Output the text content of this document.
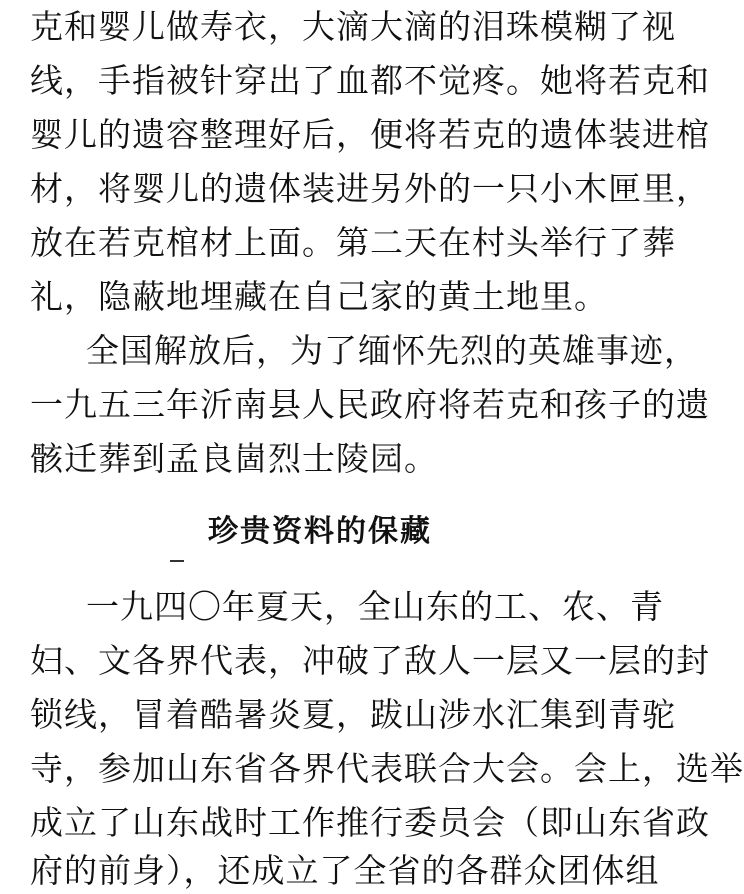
克和婴儿做寿衣，大滴大滴的泪珠模糊了视
线，手指被针穿出了血都不觉疼。她将若克和
婴儿的遗容整理好后，便将若克的遗体装进棺
材，将婴儿的遗体装进另外的一只小木匣里，
放在若克棺材上面。第二天在村头举行了葬
礼，隐蔽地埋藏在自己家的黄土地里。
全国解放后，为了缅怀先烈的英雄事迹，
一九五三年沂南县人民政府将若克和孩子的遗
骸迁葬到孟良崮烈士陵园。
珍贵资料的保藏
一九四〇年夏天，全山东的工、农、青
妇、文各界代表，冲破了敌人一层又一层的封
锁线，冒着酷暑炎夏，跋山涉水汇集到青驼
寺，参加山东省各界代表联合大会。会上，选举
成立了山东战时工作推行委员会（即山东省政
府的前身），还成立了全省的各群众团体组
